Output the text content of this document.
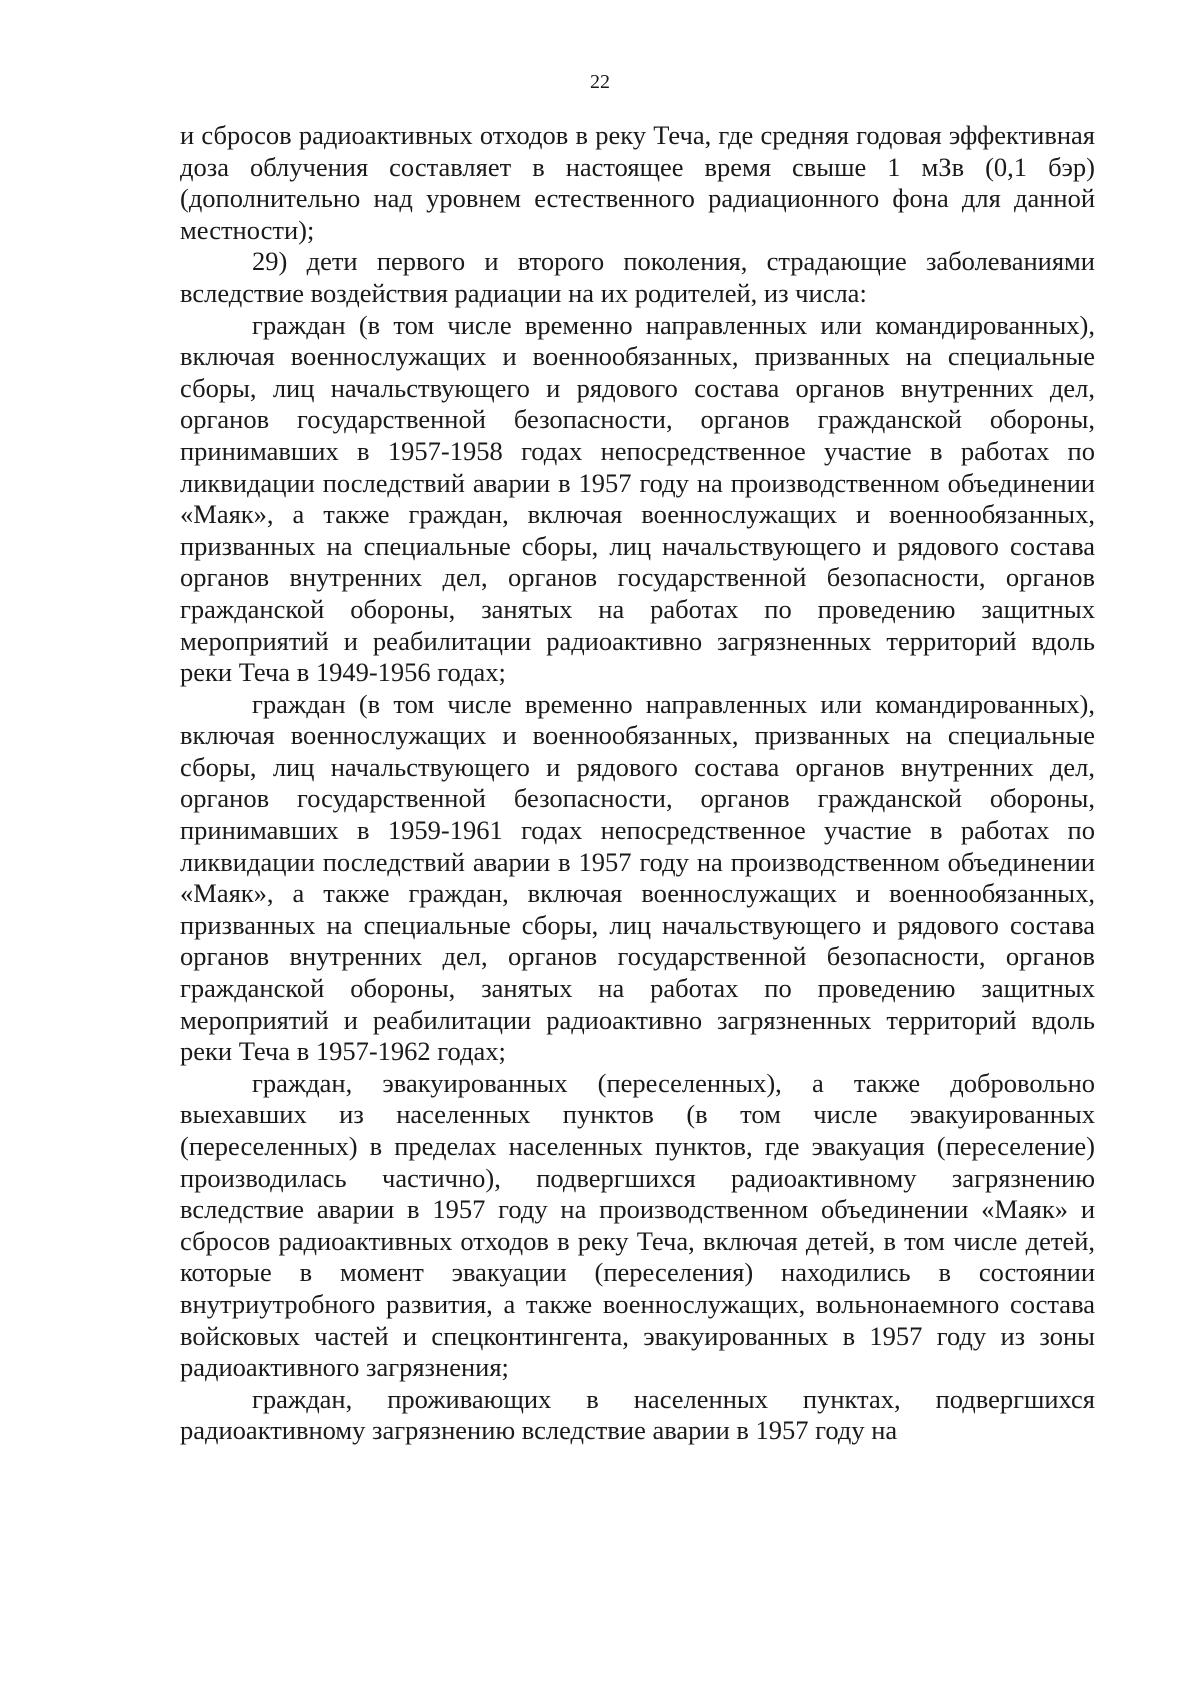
22

и сбросов радиоактивных отходов в реку Теча, где средняя годовая эффективная доза облучения составляет в настоящее время свыше 1 мЗв (0,1 бэр) (дополнительно над уровнем естественного радиационного фона для данной местности);

29) дети первого и второго поколения, страдающие заболеваниями вследствие воздействия радиации на их родителей, из числа:

граждан (в том числе временно направленных или командированных), включая военнослужащих и военнообязанных, призванных на специальные сборы, лиц начальствующего и рядового состава органов внутренних дел, органов государственной безопасности, органов гражданской обороны, принимавших в 1957-1958 годах непосредственное участие в работах по ликвидации последствий аварии в 1957 году на производственном объединении «Маяк», а также граждан, включая военнослужащих и военнообязанных, призванных на специальные сборы, лиц начальствующего и рядового состава органов внутренних дел, органов государственной безопасности, органов гражданской обороны, занятых на работах по проведению защитных мероприятий и реабилитации радиоактивно загрязненных территорий вдоль реки Теча в 1949-1956 годах;

граждан (в том числе временно направленных или командированных), включая военнослужащих и военнообязанных, призванных на специальные сборы, лиц начальствующего и рядового состава органов внутренних дел, органов государственной безопасности, органов гражданской обороны, принимавших в 1959-1961 годах непосредственное участие в работах по ликвидации последствий аварии в 1957 году на производственном объединении «Маяк», а также граждан, включая военнослужащих и военнообязанных, призванных на специальные сборы, лиц начальствующего и рядового состава органов внутренних дел, органов государственной безопасности, органов гражданской обороны, занятых на работах по проведению защитных мероприятий и реабилитации радиоактивно загрязненных территорий вдоль реки Теча в 1957-1962 годах;

граждан, эвакуированных (переселенных), а также добровольно выехавших из населенных пунктов (в том числе эвакуированных (переселенных) в пределах населенных пунктов, где эвакуация (переселение) производилась частично), подвергшихся радиоактивному загрязнению вследствие аварии в 1957 году на производственном объединении «Маяк» и сбросов радиоактивных отходов в реку Теча, включая детей, в том числе детей, которые в момент эвакуации (переселения) находились в состоянии внутриутробного развития, а также военнослужащих, вольнонаемного состава войсковых частей и спецконтингента, эвакуированных в 1957 году из зоны радиоактивного загрязнения;

граждан, проживающих в населенных пунктах, подвергшихся радиоактивному загрязнению вследствие аварии в 1957 году на
